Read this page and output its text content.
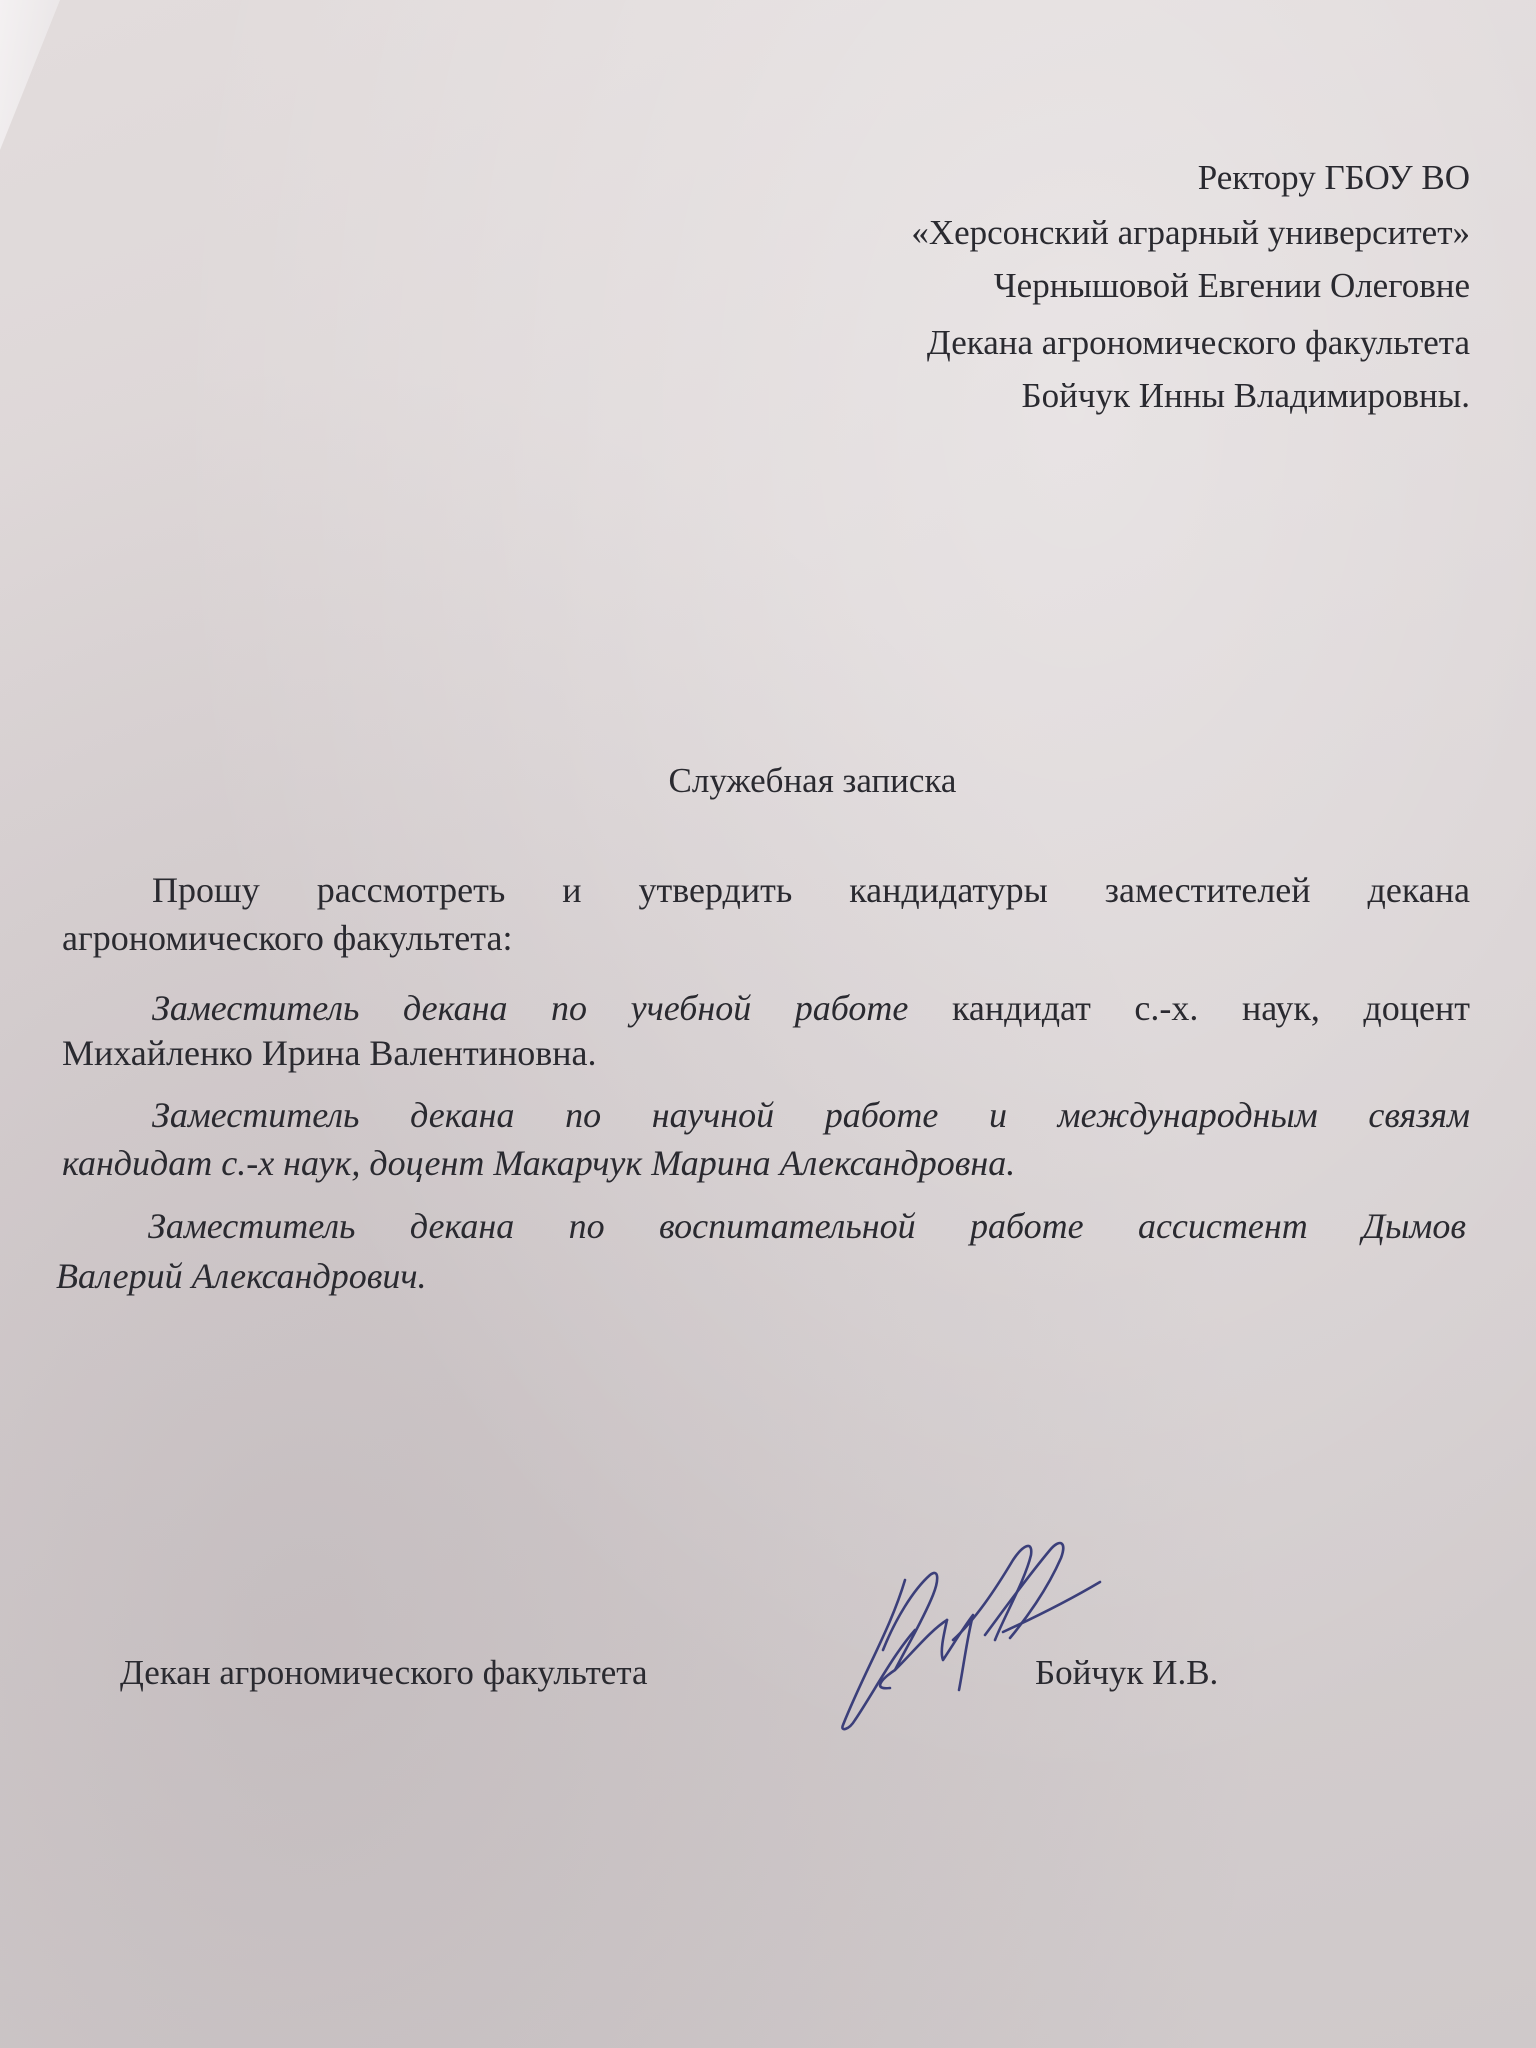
Ректору ГБОУ ВО
«Херсонский аграрный университет»
Чернышовой Евгении Олеговне
Декана агрономического факультета
Бойчук Инны Владимировны.
Служебная записка
Прошу рассмотреть и утвердить кандидатуры заместителей декана
агрономического факультета:
Заместитель декана по учебной работе кандидат с.-х. наук, доцент
Михайленко Ирина Валентиновна.
Заместитель декана по научной работе и международным связям
кандидат с.-х наук, доцент Макарчук Марина Александровна.
Заместитель декана по воспитательной работе ассистент Дымов
Валерий Александрович.
Декан агрономического факультета	Бойчук И.В.
